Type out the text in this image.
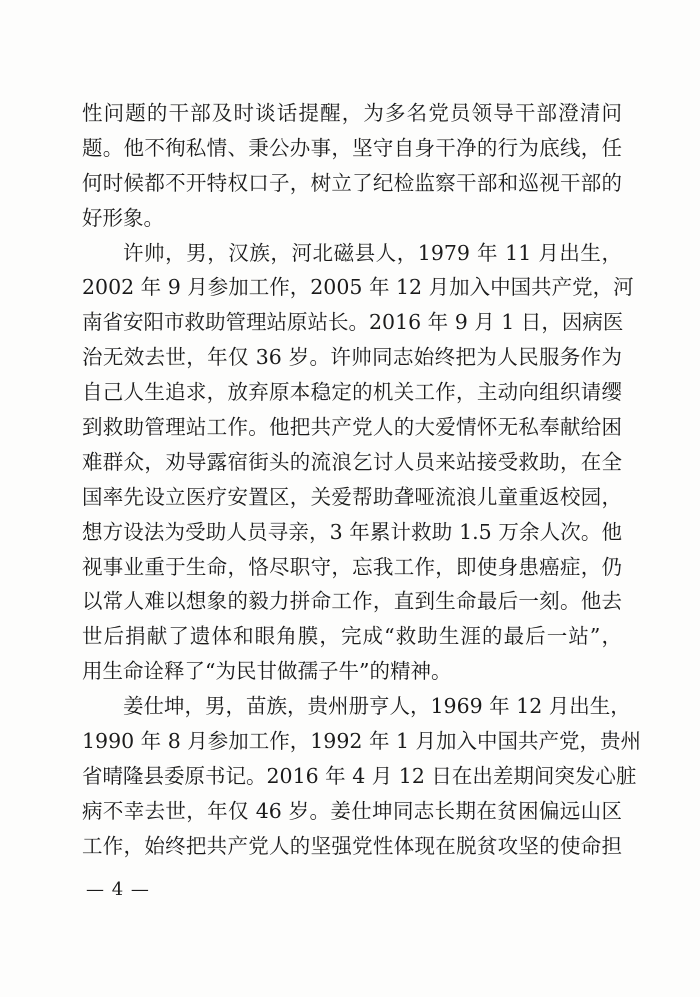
性问题的干部及时谈话提醒，为多名党员领导干部澄清问
题。他不徇私情、秉公办事，坚守自身干净的行为底线，任
何时候都不开特权口子，树立了纪检监察干部和巡视干部的
好形象。
许帅，男，汉族，河北磁县人，1979 年 11 月出生，
2002 年 9 月参加工作，2005 年 12 月加入中国共产党，河
南省安阳市救助管理站原站长。2016 年 9 月 1 日，因病医
治无效去世，年仅 36 岁。许帅同志始终把为人民服务作为
自己人生追求，放弃原本稳定的机关工作，主动向组织请缨
到救助管理站工作。他把共产党人的大爱情怀无私奉献给困
难群众，劝导露宿街头的流浪乞讨人员来站接受救助，在全
国率先设立医疗安置区，关爱帮助聋哑流浪儿童重返校园，
想方设法为受助人员寻亲，3 年累计救助 1.5 万余人次。他
视事业重于生命，恪尽职守，忘我工作，即使身患癌症，仍
以常人难以想象的毅力拼命工作，直到生命最后一刻。他去
世后捐献了遗体和眼角膜，完成“救助生涯的最后一站”，
用生命诠释了“为民甘做孺子牛”的精神。
姜仕坤，男，苗族，贵州册亨人，1969 年 12 月出生，
1990 年 8 月参加工作，1992 年 1 月加入中国共产党，贵州
省晴隆县委原书记。2016 年 4 月 12 日在出差期间突发心脏
病不幸去世，年仅 46 岁。姜仕坤同志长期在贫困偏远山区
工作，始终把共产党人的坚强党性体现在脱贫攻坚的使命担
— 4 —
